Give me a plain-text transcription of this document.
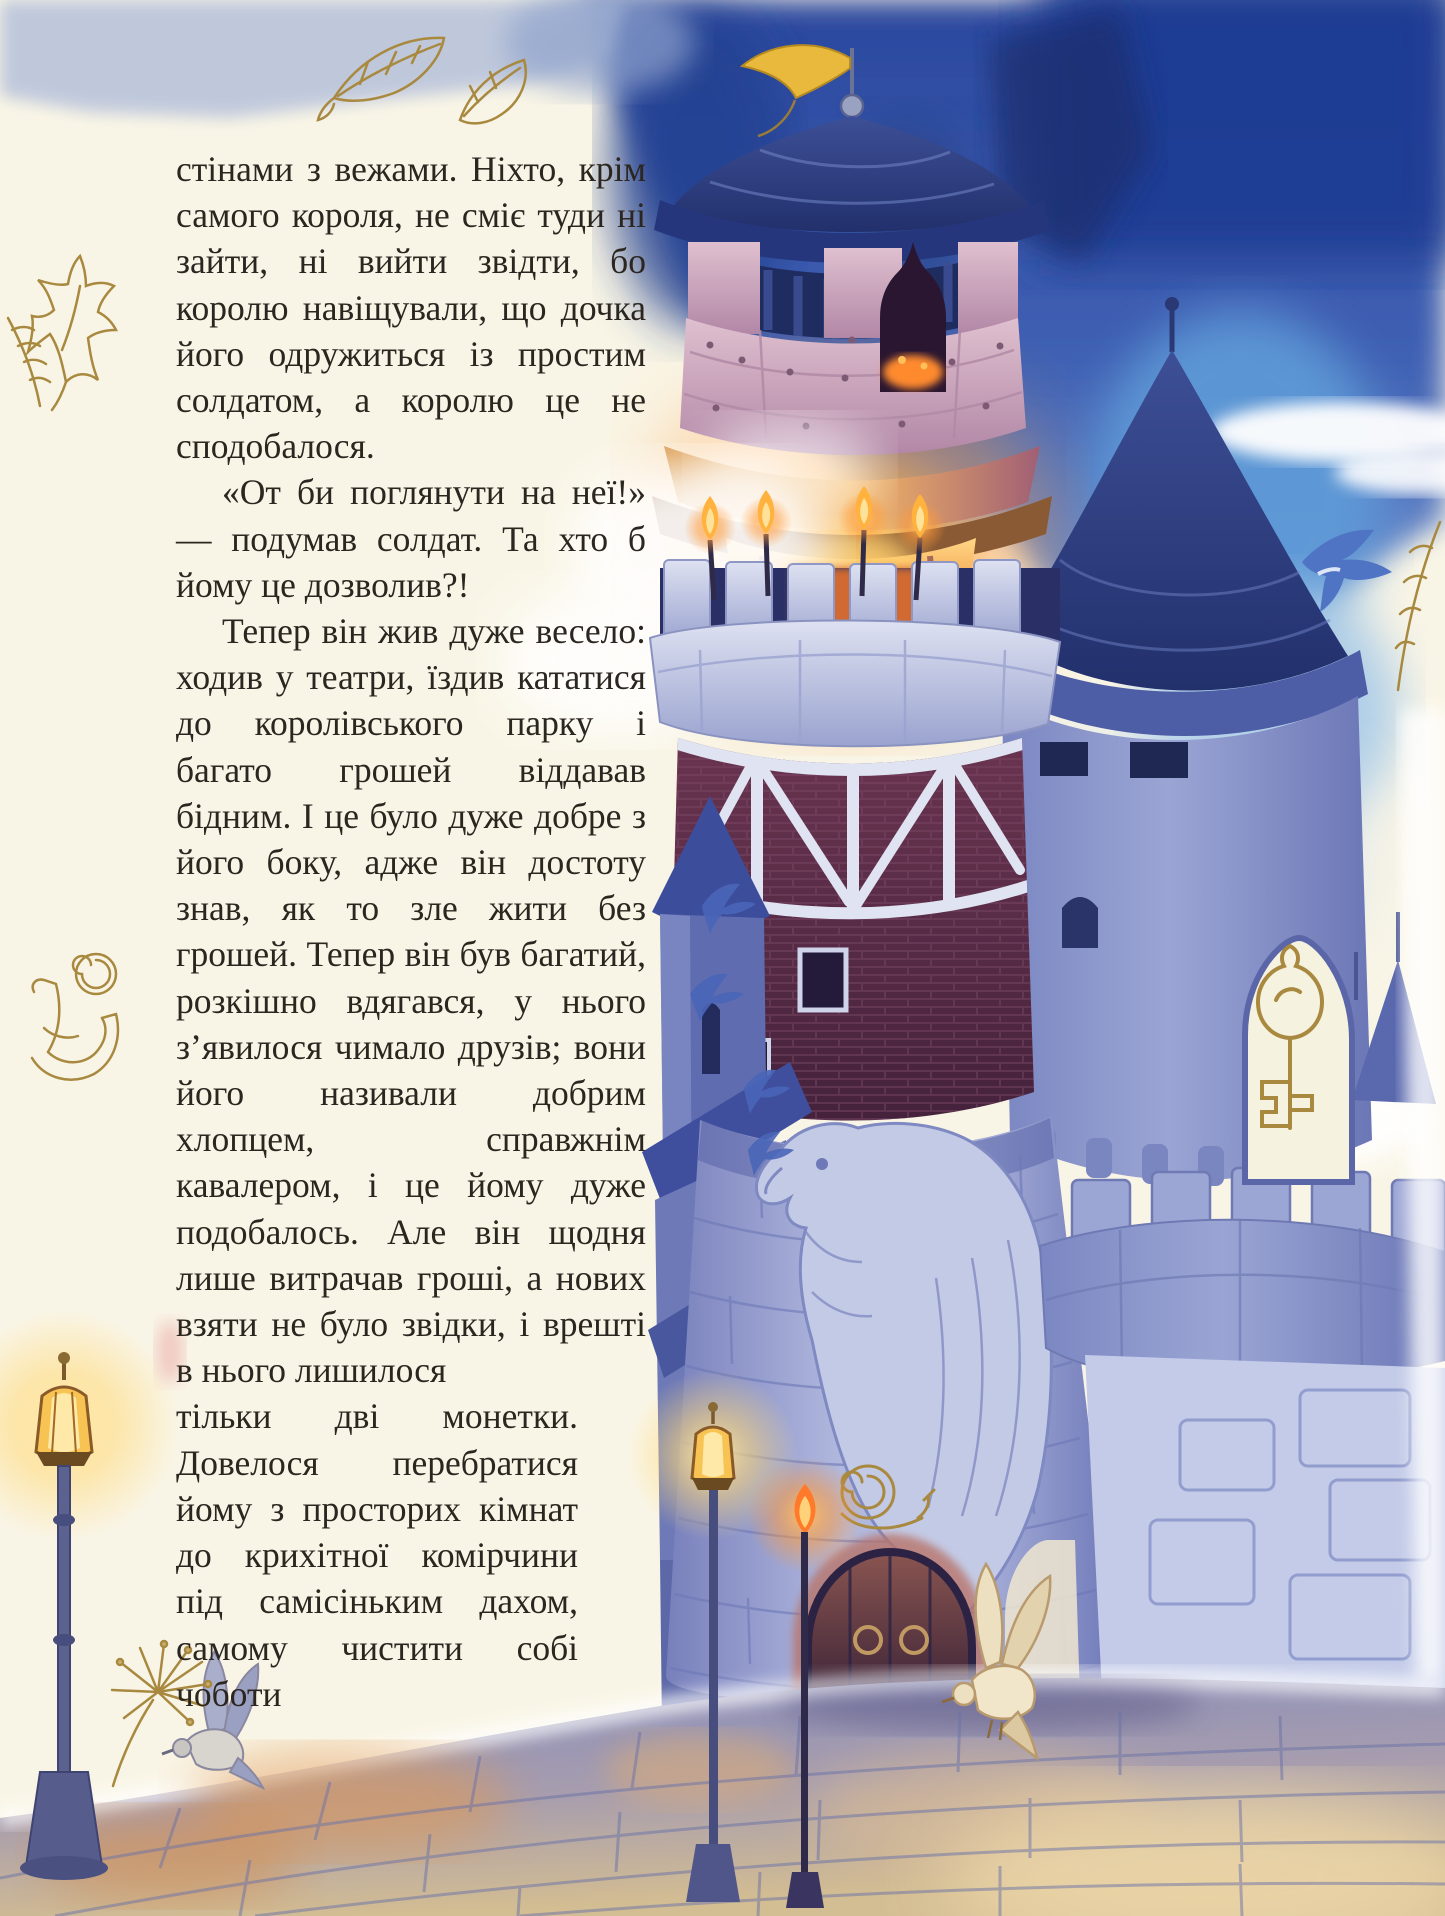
стінами з вежами. Ніхто, крім самого короля, не сміє туди ні зайти, ні вийти звідти, бо королю навіщували, що дочка його одружиться із простим солдатом, а королю це не сподобалося.

«От би поглянути на неї!» — подумав солдат. Та хто б йому це дозволив?!

Тепер він жив дуже весело: ходив у театри, їздив кататися до королівського парку і багато грошей віддавав бідним. І це було дуже добре з його боку, адже він достоту знав, як то зле жити без грошей. Тепер він був багатий, розкішно вдягався, у нього з’явилося чимало друзів; вони його називали добрим хлопцем, справжнім кавалером, і це йому дуже подобалось. Але він щодня лише витрачав гроші, а нових взяти не було звідки, і врешті в нього лишилося

тільки дві монетки. Довелося перебратися йому з просторих кімнат до крихітної комірчини під самісіньким дахом, самому чистити собі чоботи
